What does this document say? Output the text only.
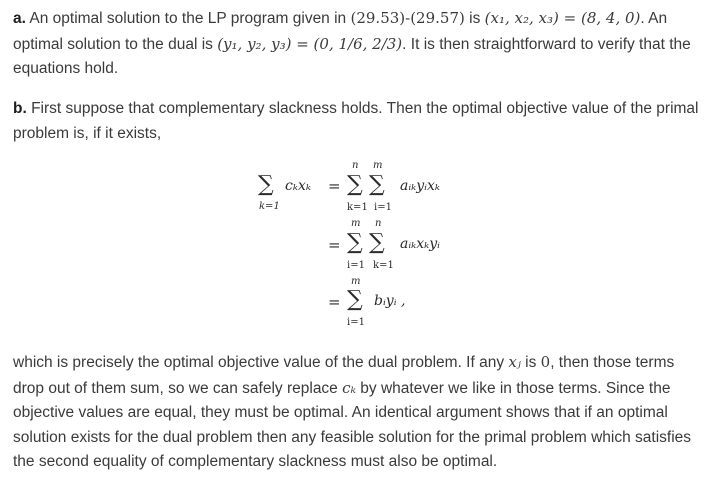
a. An optimal solution to the LP program given in (29.53)-(29.57) is (x₁, x₂, x₃) = (8, 4, 0). An optimal solution to the dual is (y₁, y₂, y₃) = (0, 1/6, 2/3). It is then straightforward to verify that the equations hold.

b. First suppose that complementary slackness holds. Then the optimal objective value of the primal problem is, if it exists,

∑ cₖxₖ
k=1
=
n m
∑ ∑
k=1 i=1
aᵢₖyᵢxₖ
=
m n
∑ ∑
i=1 k=1
aᵢₖxₖyᵢ
=
m
∑
i=1
bᵢyᵢ ,

which is precisely the optimal objective value of the dual problem. If any xⱼ is 0, then those terms drop out of them sum, so we can safely replace cₖ by whatever we like in those terms. Since the objective values are equal, they must be optimal. An identical argument shows that if an optimal solution exists for the dual problem then any feasible solution for the primal problem which satisfies the second equality of complementary slackness must also be optimal.
